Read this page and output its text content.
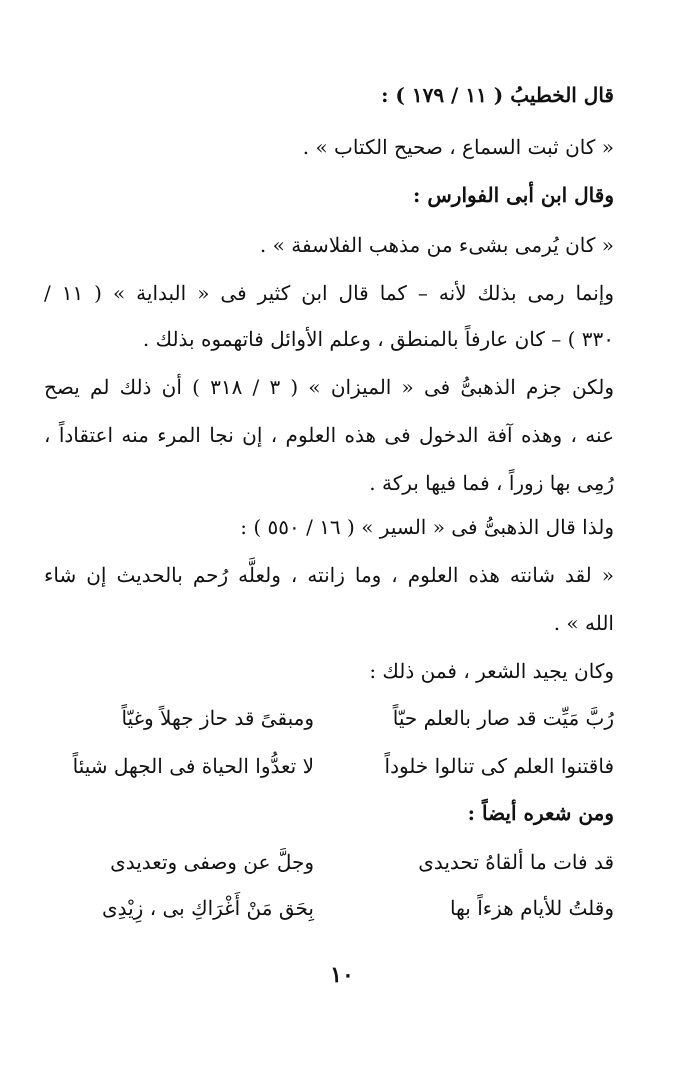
قال الخطيبُ ( ١١ / ١٧٩ ) :
« كان ثبت السماع ، صحيح الكتاب » .
وقال ابن أبى الفوارس :
« كان يُرمى بشىء من مذهب الفلاسفة » .
وإنما رمى بذلك لأنه – كما قال ابن كثير فى « البداية » ( ١١ /
٣٣٠ ) – كان عارفاً بالمنطق ، وعلم الأوائل فاتهموه بذلك .
ولكن جزم الذهبىُّ فى « الميزان » ( ٣ / ٣١٨ ) أن ذلك لم يصح
عنه ، وهذه آفة الدخول فى هذه العلوم ، إن نجا المرء منه اعتقاداً ،
رُمِى بها زوراً ، فما فيها بركة .
ولذا قال الذهبىُّ فى « السير » ( ١٦ / ٥٥٠ ) :
« لقد شانته هذه العلوم ، وما زانته ، ولعلَّه رُحم بالحديث إن شاء
الله » .
وكان يجيد الشعر ، فمن ذلك :
رُبَّ مَيِّت قد صار بالعلم حيّاً
ومبقىً قد حاز جهلاً وغيّاً
فاقتنوا العلم كى تنالوا خلوداً
لا تعدُّوا الحياة فى الجهل شيئاً
ومن شعره أيضاً :
قد فات ما ألقاهُ تحديدى
وجلَّ عن وصفى وتعديدى
وقلتُ للأيام هزءاً بها
بِحَق مَنْ أَغْرَاكِ بى ، زِيْدِى
١٠
